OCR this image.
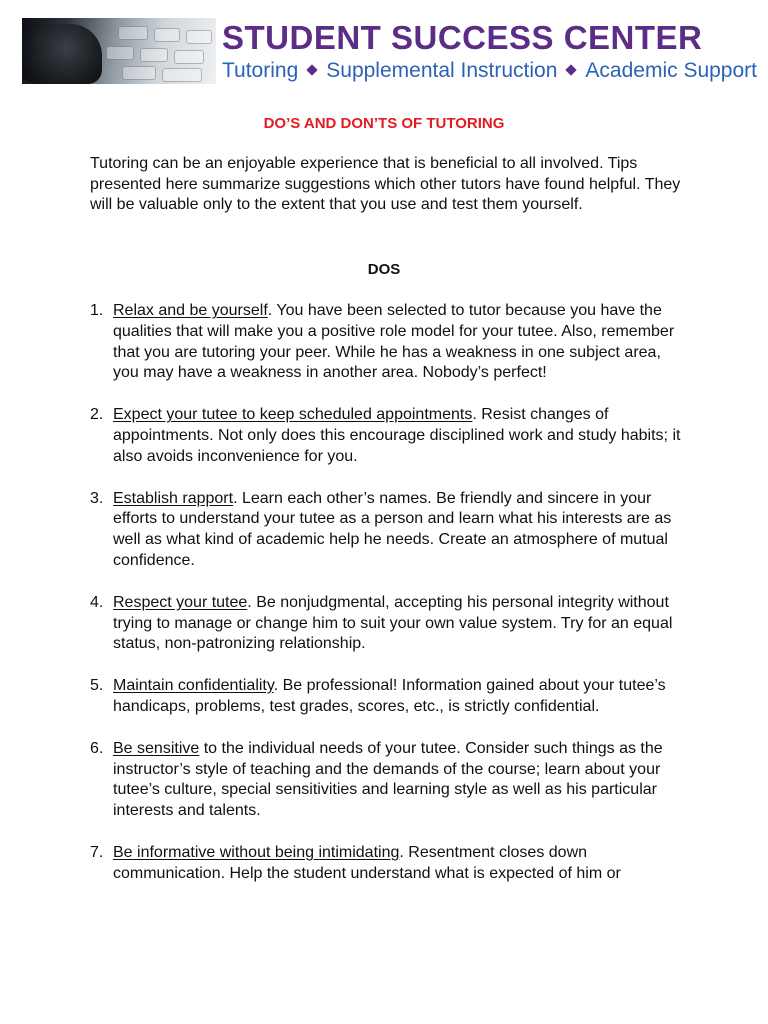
STUDENT SUCCESS CENTER
Tutoring Supplemental Instruction Academic Support
DO’S AND DON’TS OF TUTORING

Tutoring can be an enjoyable experience that is beneficial to all involved. Tips presented here summarize suggestions which other tutors have found helpful. They will be valuable only to the extent that you use and test them yourself.

DOS
1. Relax and be yourself. You have been selected to tutor because you have the qualities that will make you a positive role model for your tutee. Also, remember that you are tutoring your peer. While he has a weakness in one subject area, you may have a weakness in another area. Nobody’s perfect!
2. Expect your tutee to keep scheduled appointments. Resist changes of appointments. Not only does this encourage disciplined work and study habits; it also avoids inconvenience for you.
3. Establish rapport. Learn each other’s names. Be friendly and sincere in your efforts to understand your tutee as a person and learn what his interests are as well as what kind of academic help he needs. Create an atmosphere of mutual confidence.
4. Respect your tutee. Be nonjudgmental, accepting his personal integrity without trying to manage or change him to suit your own value system. Try for an equal status, non-patronizing relationship.
5. Maintain confidentiality. Be professional! Information gained about your tutee’s handicaps, problems, test grades, scores, etc., is strictly confidential.
6. Be sensitive to the individual needs of your tutee. Consider such things as the instructor’s style of teaching and the demands of the course; learn about your tutee’s culture, special sensitivities and learning style as well as his particular interests and talents.
7. Be informative without being intimidating. Resentment closes down communication. Help the student understand what is expected of him or
